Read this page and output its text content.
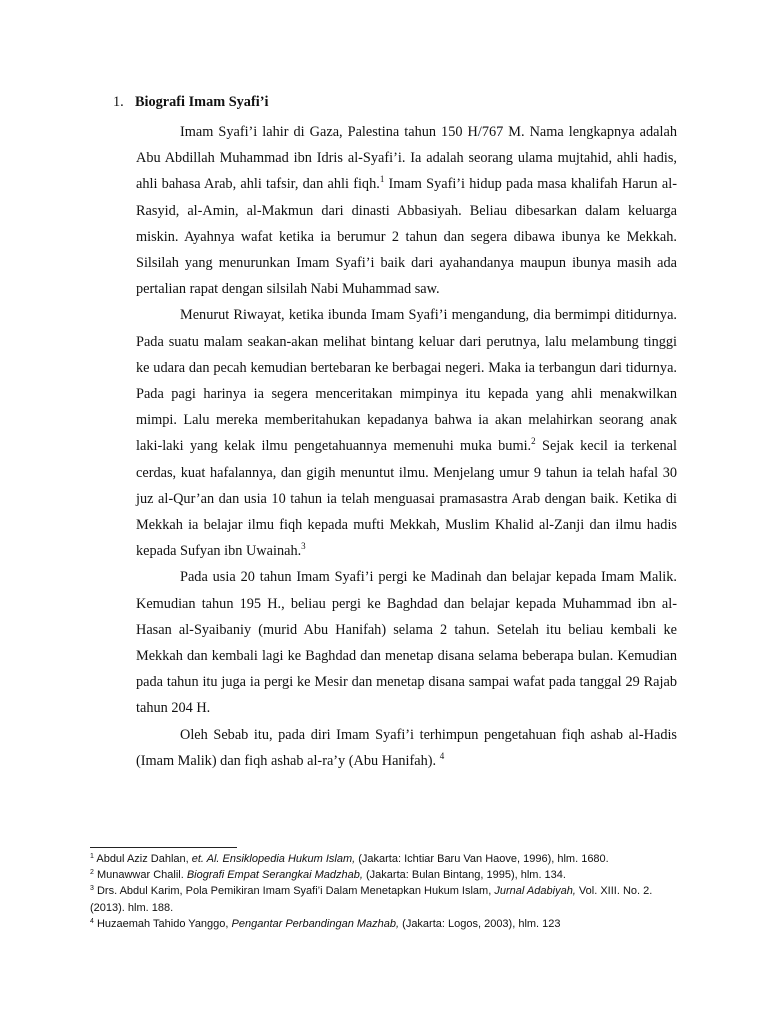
1. Biografi Imam Syafi’i

Imam Syafi’i lahir di Gaza, Palestina tahun 150 H/767 M. Nama lengkapnya adalah Abu Abdillah Muhammad ibn Idris al-Syafi’i. Ia adalah seorang ulama mujtahid, ahli hadis, ahli bahasa Arab, ahli tafsir, dan ahli fiqh.$^1$ Imam Syafi’i hidup pada masa khalifah Harun al-Rasyid, al-Amin, al-Makmun dari dinasti Abbasiyah. Beliau dibesarkan dalam keluarga miskin. Ayahnya wafat ketika ia berumur 2 tahun dan segera dibawa ibunya ke Mekkah. Silsilah yang menurunkan Imam Syafi’i baik dari ayahandanya maupun ibunya masih ada pertalian rapat dengan silsilah Nabi Muhammad saw.

Menurut Riwayat, ketika ibunda Imam Syafi’i mengandung, dia bermimpi ditidurnya. Pada suatu malam seakan-akan melihat bintang keluar dari perutnya, lalu melambung tinggi ke udara dan pecah kemudian bertebaran ke berbagai negeri. Maka ia terbangun dari tidurnya. Pada pagi harinya ia segera menceritakan mimpinya itu kepada yang ahli menakwilkan mimpi. Lalu mereka memberitahukan kepadanya bahwa ia akan melahirkan seorang anak laki-laki yang kelak ilmu pengetahuannya memenuhi muka bumi.$^2$ Sejak kecil ia terkenal cerdas, kuat hafalannya, dan gigih menuntut ilmu. Menjelang umur 9 tahun ia telah hafal 30 juz al-Qur’an dan usia 10 tahun ia telah menguasai pramasastra Arab dengan baik. Ketika di Mekkah ia belajar ilmu fiqh kepada mufti Mekkah, Muslim Khalid al-Zanji dan ilmu hadis kepada Sufyan ibn Uwainah.$^3$

Pada usia 20 tahun Imam Syafi’i pergi ke Madinah dan belajar kepada Imam Malik. Kemudian tahun 195 H., beliau pergi ke Baghdad dan belajar kepada Muhammad ibn al-Hasan al-Syaibaniy (murid Abu Hanifah) selama 2 tahun. Setelah itu beliau kembali ke Mekkah dan kembali lagi ke Baghdad dan menetap disana selama beberapa bulan. Kemudian pada tahun itu juga ia pergi ke Mesir dan menetap disana sampai wafat pada tanggal 29 Rajab tahun 204 H.

Oleh Sebab itu, pada diri Imam Syafi’i terhimpun pengetahuan fiqh ashab al-Hadis (Imam Malik) dan fiqh ashab al-ra’y (Abu Hanifah). $^4$

$^1$ Abdul Aziz Dahlan, et. Al. Ensiklopedia Hukum Islam, (Jakarta: Ichtiar Baru Van Haove, 1996), hlm. 1680.

$^2$ Munawwar Chalil. Biografi Empat Serangkai Madzhab, (Jakarta: Bulan Bintang, 1995), hlm. 134.

$^3$ Drs. Abdul Karim, Pola Pemikiran Imam Syafi’i Dalam Menetapkan Hukum Islam, Jurnal Adabiyah, Vol. XIII. No. 2. (2013). hlm. 188.

$^4$ Huzaemah Tahido Yanggo, Pengantar Perbandingan Mazhab, (Jakarta: Logos, 2003), hlm. 123
